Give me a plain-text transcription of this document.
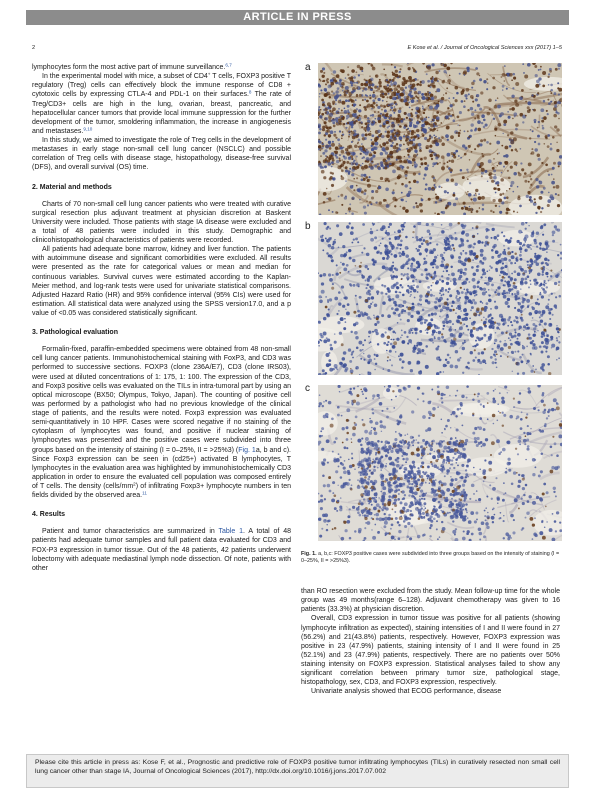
ARTICLE IN PRESS
2	E Kose et al. / Journal of Oncological Sciences xxx (2017) 1–5

lymphocytes form the most active part of immune surveillance.$^{6,7}$

In the experimental model with mice, a subset of CD4+ T cells, FOXP3 positive T regulatory (Treg) cells can effectively block the immune response of CD8 + cytotoxic cells by expressing CTLA-4 and PDL-1 on their surfaces.$^8$ The rate of Treg/CD3+ cells are high in the lung, ovarian, breast, pancreatic, and hepatocellular cancer tumors that provide local immune suppression for the further development of the tumor, smoldering inflammation, the increase in angiogenesis and metastases.$^{9,10}$

In this study, we aimed to investigate the role of Treg cells in the development of metastases in early stage non-small cell lung cancer (NSCLC) and possible correlation of Treg cells with disease stage, histopathology, disease-free survival (DFS), and overall survival (OS) time.

2. Material and methods

Charts of 70 non-small cell lung cancer patients who were treated with curative surgical resection plus adjuvant treatment at physician discretion at Baskent University were included. Those patients with stage IA disease were excluded and a total of 48 patients were included in this study. Demographic and clinicohistopathological characteristics of patients were recorded.

All patients had adequate bone marrow, kidney and liver function. The patients with autoimmune disease and significant comorbidities were excluded. All results were presented as the rate for categorical values or mean and median for continuous variables. Survival curves were estimated according to the Kaplan-Meier method, and log-rank tests were used for univariate statistical comparisons. Adjusted Hazard Ratio (HR) and 95% confidence interval (95% CIs) were used for estimation. All statistical data were analyzed using the SPSS version17.0, and a p value of <0.05 was considered statistically significant.

3. Pathological evaluation

Formalin-fixed, paraffin-embedded specimens were obtained from 48 non-small cell lung cancer patients. Immunohistochemical staining with FoxP3, and CD3 was performed to successive sections. FOXP3 (clone 236A/E7), CD3 (clone IRS03), were used at diluted concentrations of 1: 175, 1: 100. The expression of the CD3, and Foxp3 positive cells was evaluated on the TILs in intra-tumoral part by using an optical microscope (BX50; Olympus, Tokyo, Japan). The counting of positive cell was performed by a pathologist who had no previous knowledge of the clinical stage of patients, and the results were noted. Foxp3 expression was evaluated semi-quantitatively in 10 HPF. Cases were scored negative if no staining of the cytoplasm of lymphocytes was found, and positive if nuclear staining of lymphocytes was presented and the positive cases were subdivided into three groups based on the intensity of staining (I = 0–25%, II = >25%3) (Fig. 1a, b and c). Since Foxp3 expression can be seen in (cd25+) activated B lymphocytes, T lymphocytes in the evaluation area was highlighted by immunohistochemically CD3 application in order to ensure the evaluated cell population was composed entirely of T cells. The density $(cells/mm^2)$ of infiltrating Foxp3+ lymphocyte numbers in ten fields divided by the observed area.$^{11}$

4. Results

Patient and tumor characteristics are summarized in Table 1. A total of 48 patients had adequate tumor samples and full patient data evaluated for CD3 and FOX-P3 expression in tumor tissue. Out of the 48 patients, 42 patients underwent lobectomy with adequate mediastinal lymph node dissection. Of note, patients with other

a
b
c
Fig. 1. a, b,c: FOXP3 positive cases were subdivided into three groups based on the intensity of staining (I = 0–25%, II = >25%3).

than RO resection were excluded from the study. Mean follow-up time for the whole group was 49 months(range 6–128). Adjuvant chemotherapy was given to 16 patients (33.3%) at physician discretion.

Overall, CD3 expression in tumor tissue was positive for all patients (showing lymphocyte infiltration as expected), staining intensities of I and II were found in 27 (56.2%) and 21(43.8%) patients, respectively. However, FOXP3 expression was positive in 23 (47.9%) patients, staining intensity of I and II were found in 25 (52.1%) and 23 (47.9%) patients, respectively. There are no patients over 50% staining intensity on FOXP3 expression. Statistical analyses failed to show any significant correlation between primary tumor size, pathological stage, histopathology, sex, CD3, and FOXP3 expression, respectively.

Univariate analysis showed that ECOG performance, disease

Please cite this article in press as: Kose F, et al., Prognostic and predictive role of FOXP3 positive tumor infiltrating lymphocytes (TILs) in curatively resected non small cell lung cancer other than stage IA, Journal of Oncological Sciences (2017), http://dx.doi.org/10.1016/j.jons.2017.07.002
